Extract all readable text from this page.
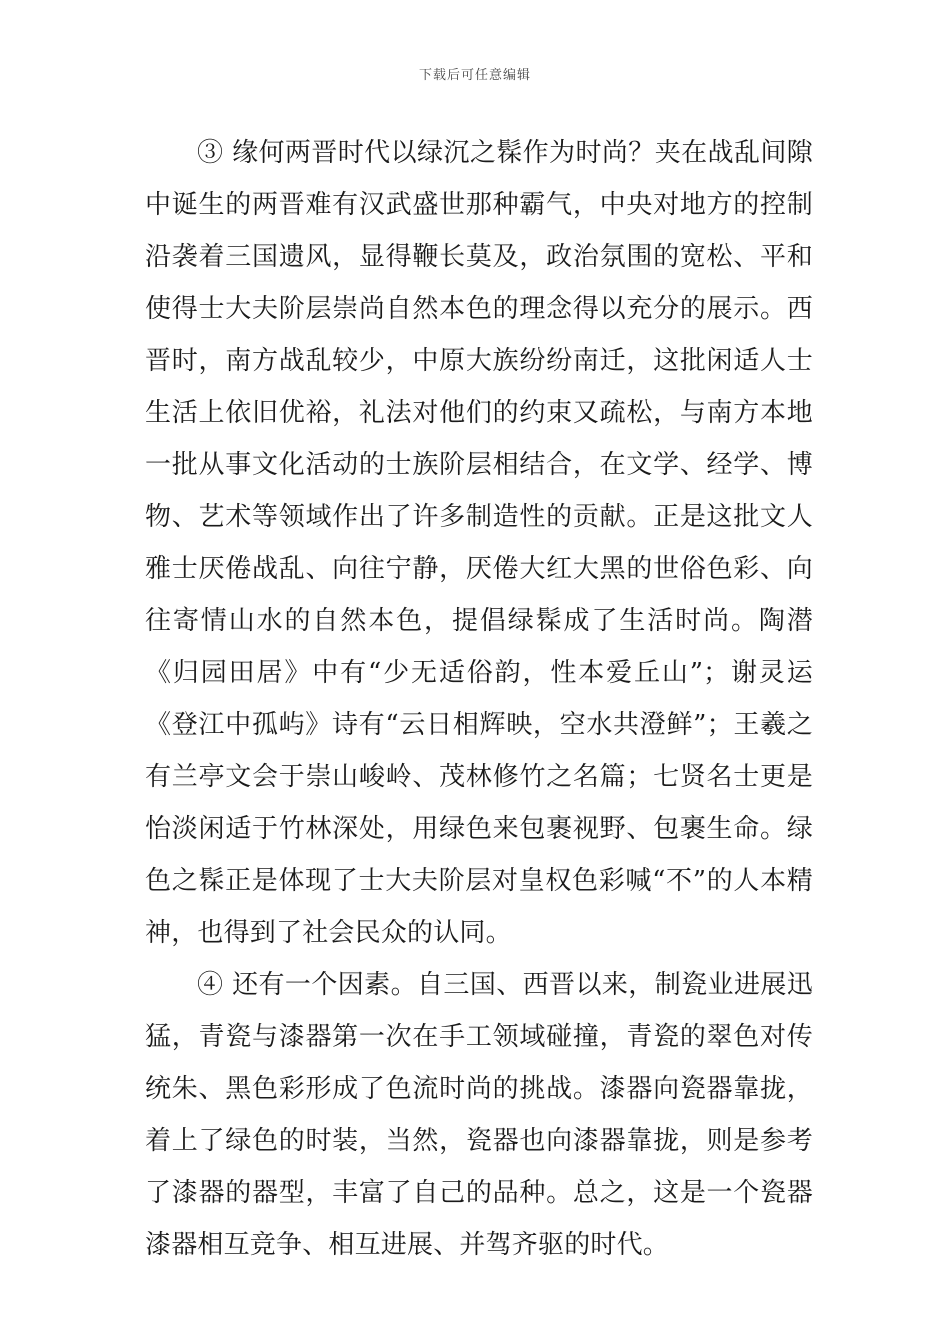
下载后可任意编辑

③ 缘何两晋时代以绿沉之髹作为时尚？夹在战乱间隙中诞生的两晋难有汉武盛世那种霸气，中央对地方的控制沿袭着三国遗风，显得鞭长莫及，政治氛围的宽松、平和使得士大夫阶层崇尚自然本色的理念得以充分的展示。西晋时，南方战乱较少，中原大族纷纷南迁，这批闲适人士生活上依旧优裕，礼法对他们的约束又疏松，与南方本地一批从事文化活动的士族阶层相结合，在文学、经学、博物、艺术等领域作出了许多制造性的贡献。正是这批文人雅士厌倦战乱、向往宁静，厌倦大红大黑的世俗色彩、向往寄情山水的自然本色，提倡绿髹成了生活时尚。陶潜《归园田居》中有“少无适俗韵，性本爱丘山”；谢灵运《登江中孤屿》诗有“云日相辉映，空水共澄鲜”；王羲之有兰亭文会于崇山峻岭、茂林修竹之名篇；七贤名士更是怡淡闲适于竹林深处，用绿色来包裹视野、包裹生命。绿色之髹正是体现了士大夫阶层对皇权色彩喊“不”的人本精神，也得到了社会民众的认同。

④ 还有一个因素。自三国、西晋以来，制瓷业进展迅猛，青瓷与漆器第一次在手工领域碰撞，青瓷的翠色对传统朱、黑色彩形成了色流时尚的挑战。漆器向瓷器靠拢，着上了绿色的时装，当然，瓷器也向漆器靠拢，则是参考了漆器的器型，丰富了自己的品种。总之，这是一个瓷器漆器相互竞争、相互进展、并驾齐驱的时代。
